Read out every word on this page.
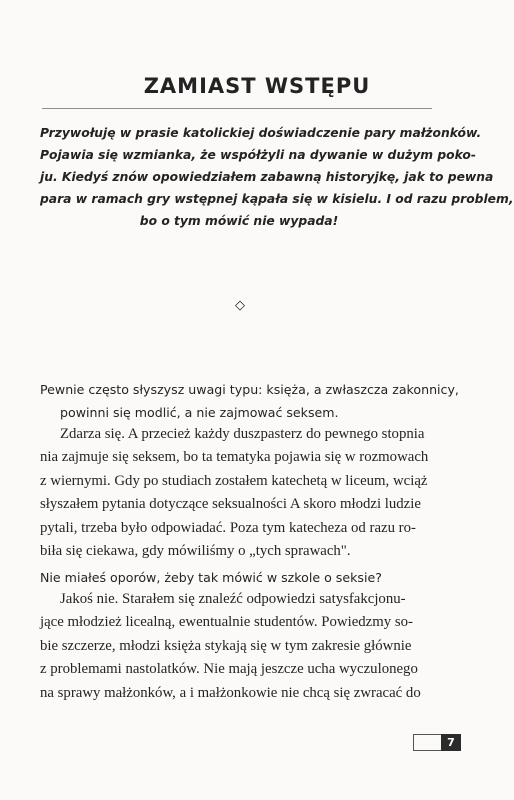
ZAMIAST WSTĘPU
Przywołuję w prasie katolickiej doświadczenie pary małżonków.
Pojawia się wzmianka, że współżyli na dywanie w dużym poko-
ju. Kiedyś znów opowiedziałem zabawną historyjkę, jak to pewna
para w ramach gry wstępnej kąpała się w kisielu. I od razu problem,
bo o tym mówić nie wypada!
◇
Pewnie często słyszysz uwagi typu: księża, a zwłaszcza zakonnicy,
powinni się modlić, a nie zajmować seksem.
Zdarza się. A przecież każdy duszpasterz do pewnego stopnia
nia zajmuje się seksem, bo ta tematyka pojawia się w rozmowach
z wiernymi. Gdy po studiach zostałem katechetą w liceum, wciąż
słyszałem pytania dotyczące seksualności A skoro młodzi ludzie
pytali, trzeba było odpowiadać. Poza tym katecheza od razu ro-
biła się ciekawa, gdy mówiliśmy o „tych sprawach".
Nie miałeś oporów, żeby tak mówić w szkole o seksie?
Jakoś nie. Starałem się znaleźć odpowiedzi satysfakcjonu-
jące młodzież licealną, ewentualnie studentów. Powiedzmy so-
bie szczerze, młodzi księża stykają się w tym zakresie głównie
z problemami nastolatków. Nie mają jeszcze ucha wyczulonego
na sprawy małżonków, a i małżonkowie nie chcą się zwracać do
7
